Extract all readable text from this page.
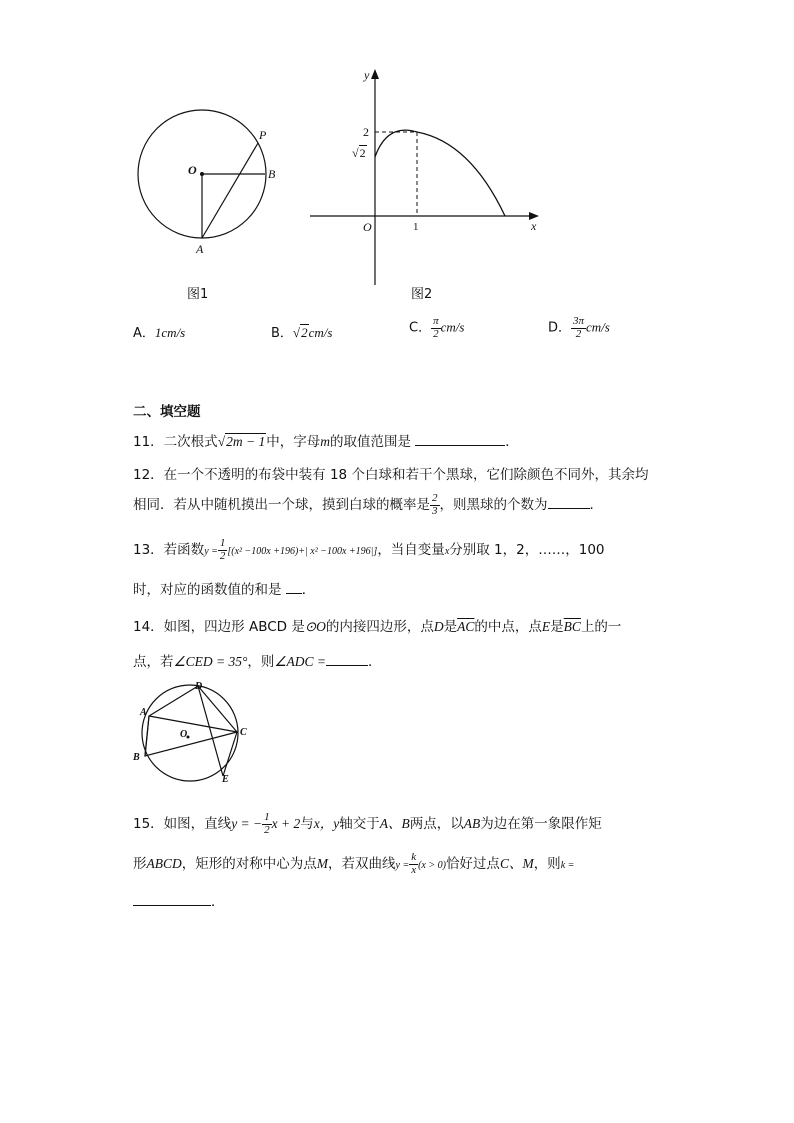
P
O	B
A
图1
y
x
O
2
√2
1
图2
A．1cm/s	B．√2cm/s	C． $\frac{\pi}{2} cm/s$	D． $\frac{3\pi}{2} cm/s$
二、填空题
11．二次根式√2m − 1中，字母m的取值范围是	．
12．在一个不透明的布袋中装有 18 个白球和若干个黑球，它们除颜色不同外，其余均
相同．若从中随机摸出一个球，摸到白球的概率是 $\frac{2}{3}$ ，则黑球的个数为	．
13．若函数$y = \frac{1}{2} [(x^2 -100x +196)+|$ x² −100x +196|]，当自变量x分别取 1，2，……，100
时，对应的函数值的和是 ．
14．如图，四边形 ABCD 是⊙O的内接四边形，点D是$\overline{AC}$的中点，点E是$\overline{BC}$上的一
点，若∠CED = 35°，则∠ADC =	．
A
D
C
B
E
O
15．如图，直线y = − $\frac{1}{2}$ x + 2与x，y轴交于A、B两点，以AB为边在第一象限作矩
形ABCD，矩形的对称中心为点M，若双曲线$y = \frac{k}{x} (x > 0)$恰好过点C、M，则k =
．
